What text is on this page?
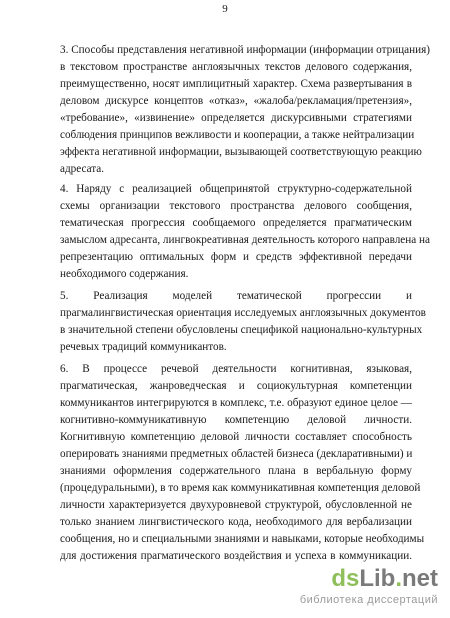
9
3. Способы представления негативной информации (информации отрицания)
в текстовом пространстве англоязычных текстов делового содержания,
преимущественно, носят имплицитный характер. Схема развертывания в
деловом дискурсе концептов «отказ», «жалоба/рекламация/претензия»,
«требование», «извинение» определяется дискурсивными стратегиями
соблюдения принципов вежливости и кооперации, а также нейтрализации
эффекта негативной информации, вызывающей соответствующую реакцию
адресата.
4. Наряду с реализацией общепринятой структурно-содержательной
схемы организации текстового пространства делового сообщения,
тематическая прогрессия сообщаемого определяется прагматическим
замыслом адресанта, лингвокреативная деятельность которого направлена на
репрезентацию оптимальных форм и средств эффективной передачи
необходимого содержания.
5. Реализация моделей тематической прогрессии и
прагмалингвистическая ориентация исследуемых англоязычных документов
в значительной степени обусловлены спецификой национально-культурных
речевых традиций коммуникантов.
6. В процессе речевой деятельности когнитивная, языковая,
прагматическая, жанроведческая и социокультурная компетенции
коммуникантов интегрируются в комплекс, т.е. образуют единое целое —
когнитивно-коммуникативную компетенцию деловой личности.
Когнитивную компетенцию деловой личности составляет способность
оперировать знаниями предметных областей бизнеса (декларативными) и
знаниями оформления содержательного плана в вербальную форму
(процедуральными), в то время как коммуникативная компетенция деловой
личности характеризуется двухуровневой структурой, обусловленной не
только знанием лингвистического кода, необходимого для вербализации
сообщения, но и специальными знаниями и навыками, которые необходимы
для достижения прагматического воздействия и успеха в коммуникации.
dsLib.net
библиотека диссертаций
